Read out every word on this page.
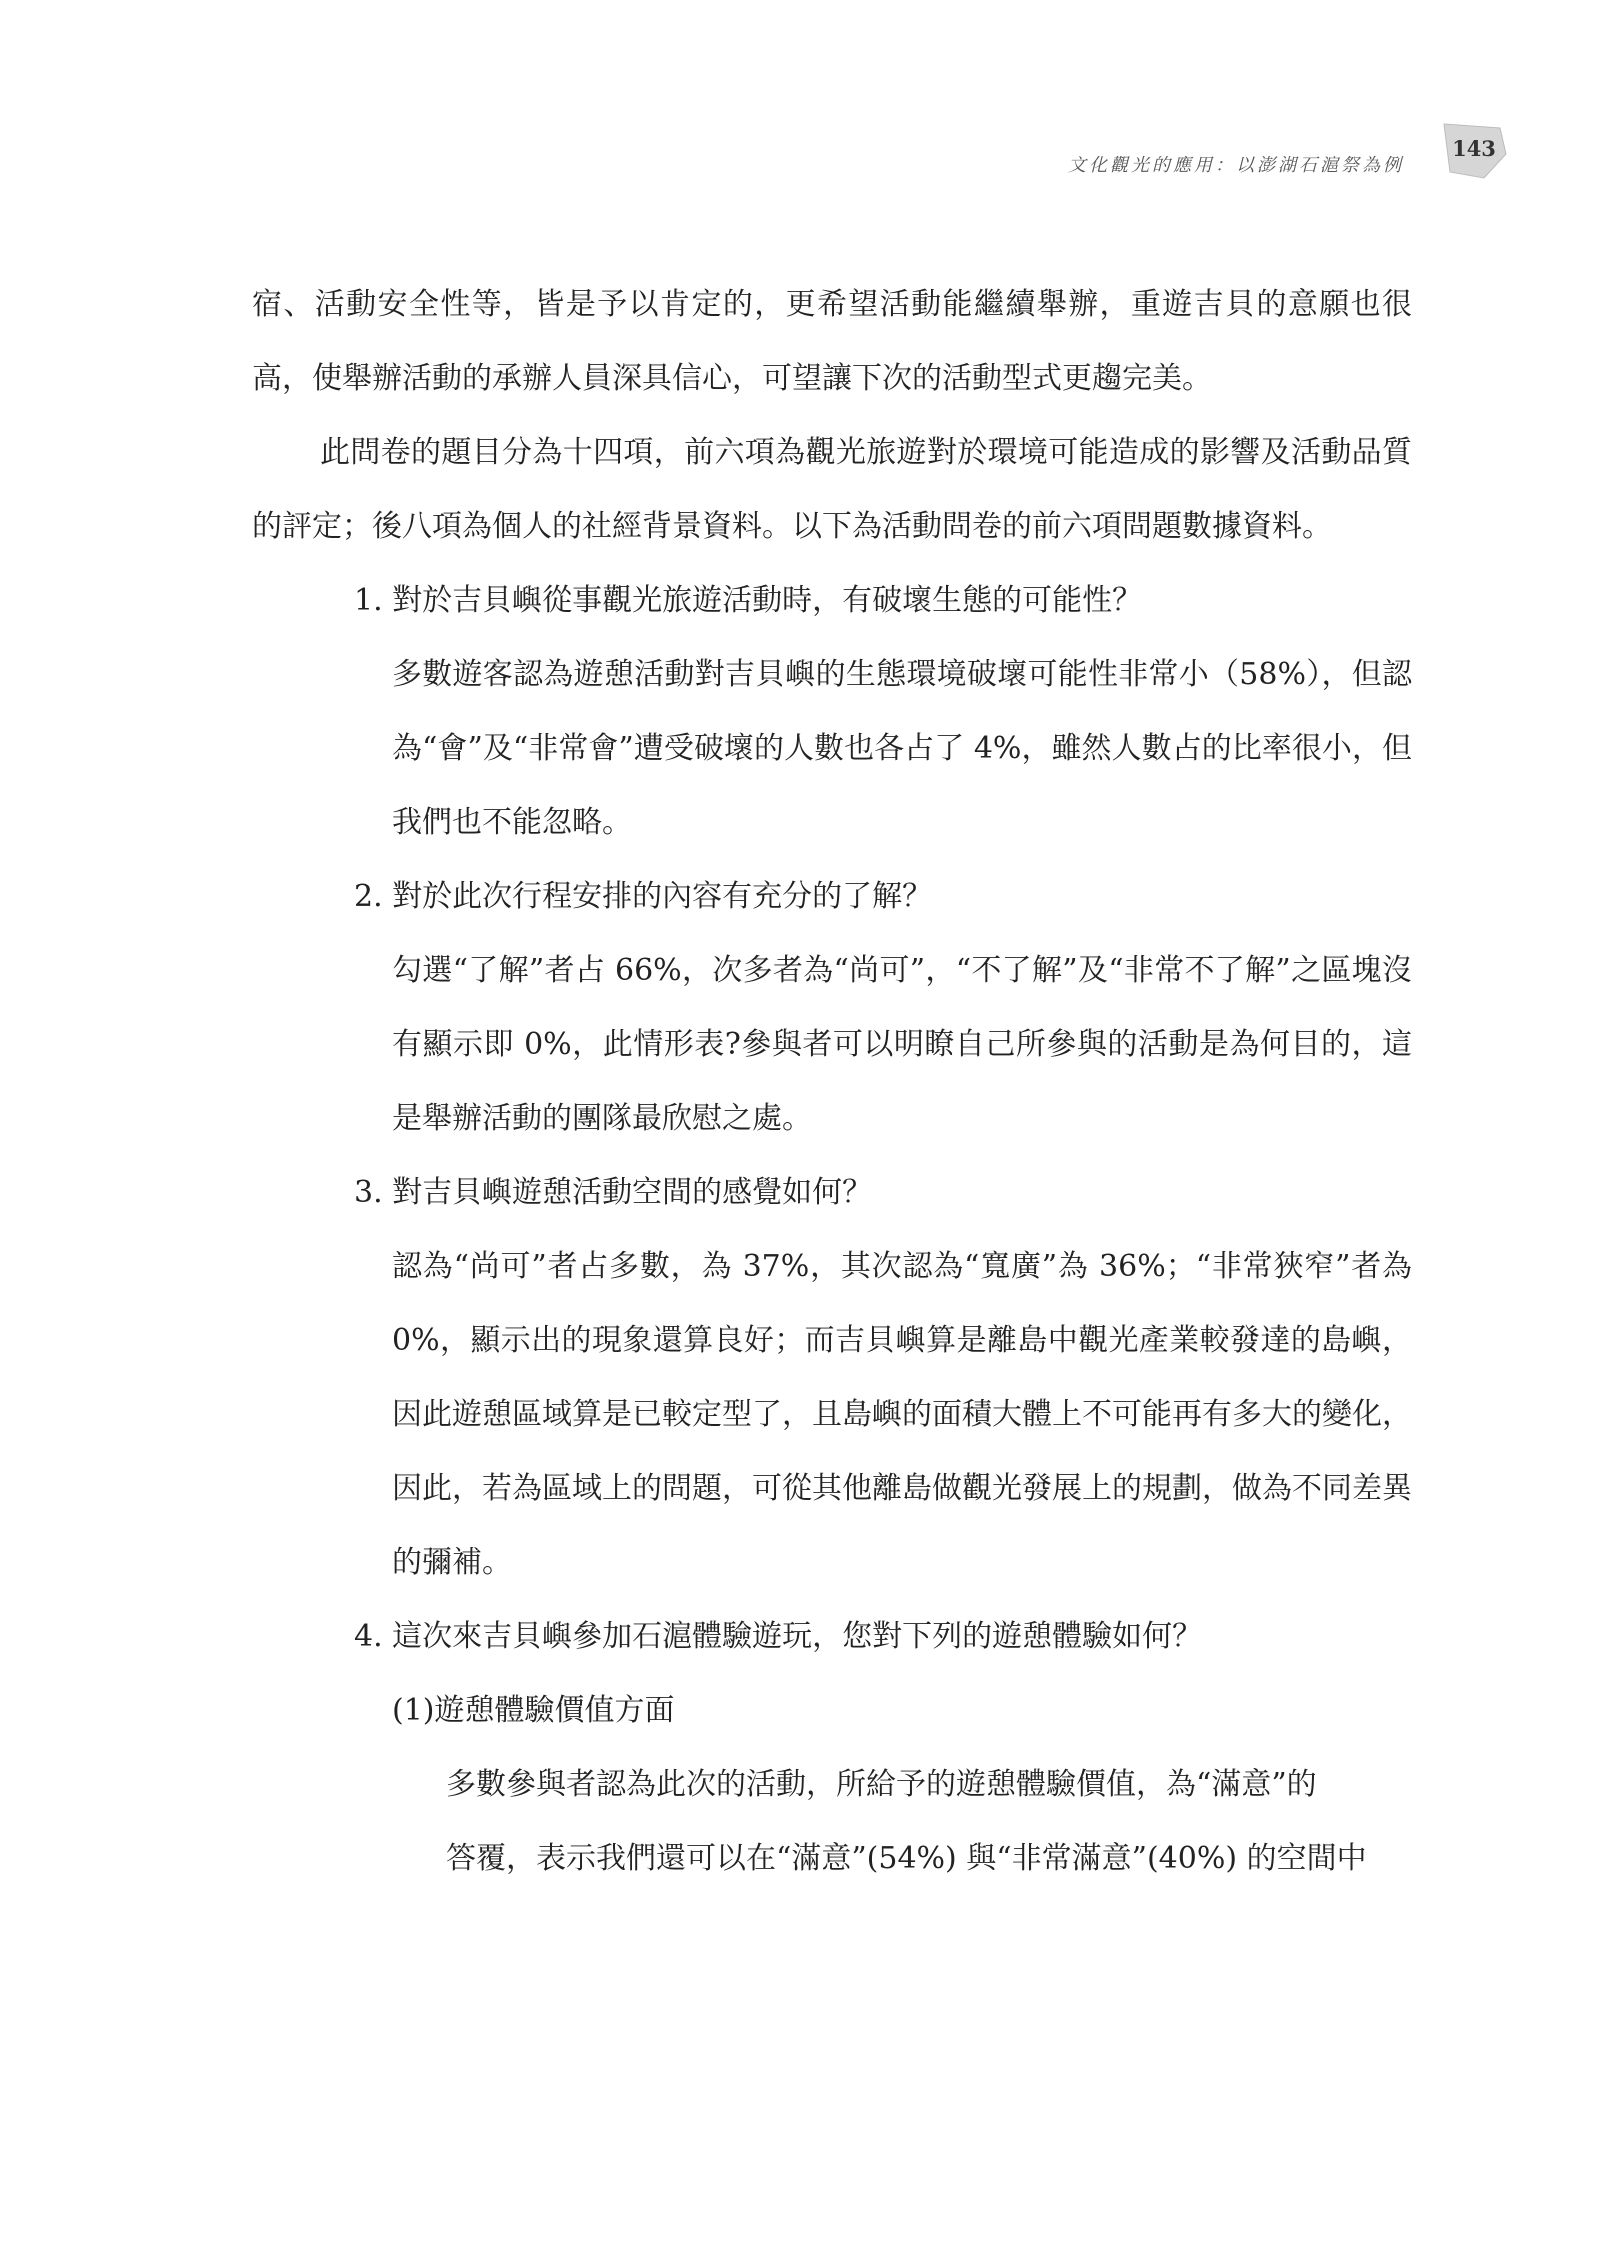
文化觀光的應用：以澎湖石滬祭為例
143

宿、活動安全性等，皆是予以肯定的，更希望活動能繼續舉辦，重遊吉貝的意願也很高，使舉辦活動的承辦人員深具信心，可望讓下次的活動型式更趨完美。

此問卷的題目分為十四項，前六項為觀光旅遊對於環境可能造成的影響及活動品質的評定；後八項為個人的社經背景資料。以下為活動問卷的前六項問題數據資料。

1. 對於吉貝嶼從事觀光旅遊活動時，有破壞生態的可能性？

多數遊客認為遊憩活動對吉貝嶼的生態環境破壞可能性非常小（58%），但認為“會”及“非常會”遭受破壞的人數也各占了 4%，雖然人數占的比率很小，但我們也不能忽略。

2. 對於此次行程安排的內容有充分的了解？

勾選“了解”者占 66%，次多者為“尚可”，“不了解”及“非常不了解”之區塊沒有顯示即 0%，此情形表?參與者可以明瞭自己所參與的活動是為何目的，這是舉辦活動的團隊最欣慰之處。

3. 對吉貝嶼遊憩活動空間的感覺如何？

認為“尚可”者占多數，為 37%，其次認為“寬廣”為 36%；“非常狹窄”者為 0%，顯示出的現象還算良好；而吉貝嶼算是離島中觀光產業較發達的島嶼，因此遊憩區域算是已較定型了，且島嶼的面積大體上不可能再有多大的變化，因此，若為區域上的問題，可從其他離島做觀光發展上的規劃，做為不同差異的彌補。

4. 這次來吉貝嶼參加石滬體驗遊玩，您對下列的遊憩體驗如何？

(1)遊憩體驗價值方面

多數參與者認為此次的活動，所給予的遊憩體驗價值，為“滿意”的
答覆，表示我們還可以在“滿意”(54%) 與“非常滿意”(40%) 的空間中
